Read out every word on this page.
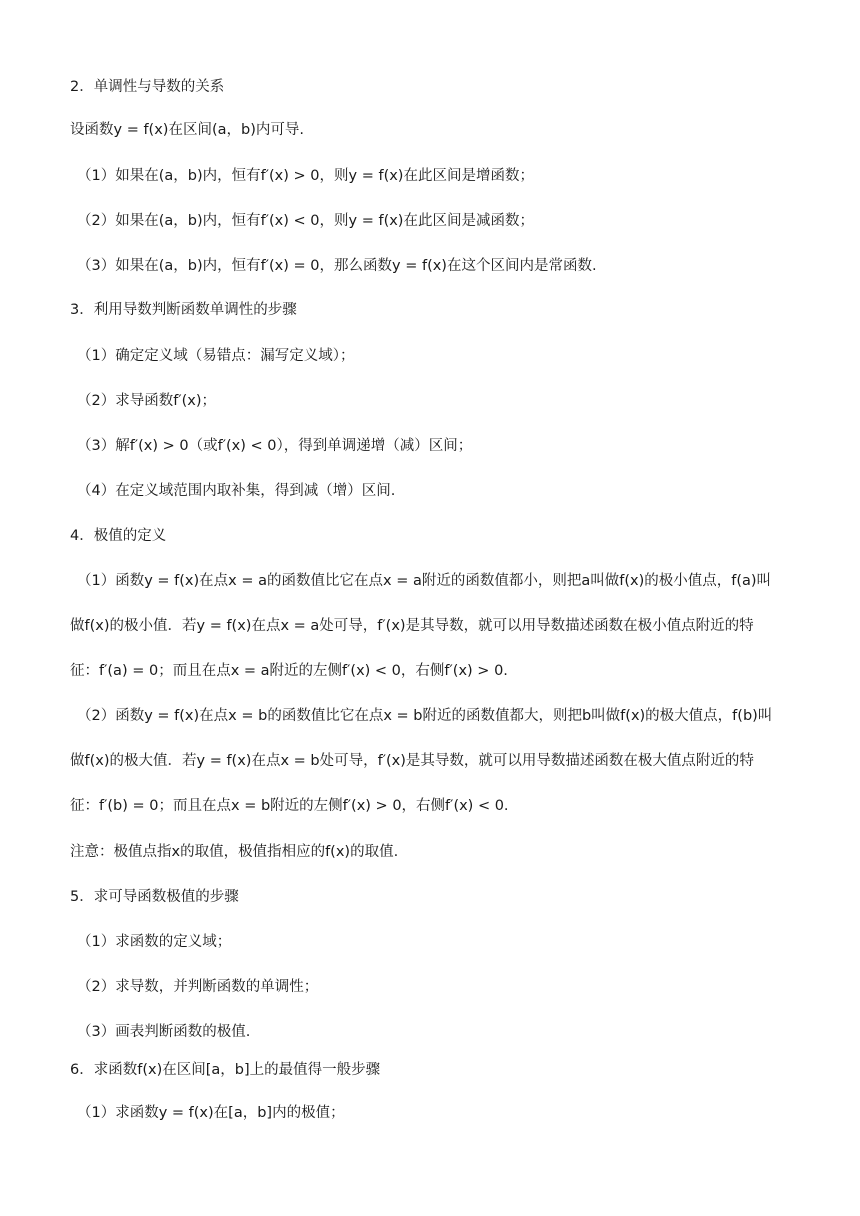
2．单调性与导数的关系
设函数y = f(x)在区间(a，b)内可导.
（1）如果在(a，b)内，恒有f′(x) > 0，则y = f(x)在此区间是增函数；
（2）如果在(a，b)内，恒有f′(x) < 0，则y = f(x)在此区间是减函数；
（3）如果在(a，b)内，恒有f′(x) = 0，那么函数y = f(x)在这个区间内是常函数.
3．利用导数判断函数单调性的步骤
（1）确定定义域（易错点：漏写定义域）；
（2）求导函数f′(x)；
（3）解f′(x) > 0（或f′(x) < 0），得到单调递增（减）区间；
（4）在定义域范围内取补集，得到减（增）区间.
4．极值的定义
（1）函数y = f(x)在点x = a的函数值比它在点x = a附近的函数值都小，则把a叫做f(x)的极小值点，f(a)叫
做f(x)的极小值．若y = f(x)在点x = a处可导，f′(x)是其导数，就可以用导数描述函数在极小值点附近的特
征：f′(a) = 0；而且在点x = a附近的左侧f′(x) < 0，右侧f′(x) > 0.
（2）函数y = f(x)在点x = b的函数值比它在点x = b附近的函数值都大，则把b叫做f(x)的极大值点，f(b)叫
做f(x)的极大值．若y = f(x)在点x = b处可导，f′(x)是其导数，就可以用导数描述函数在极大值点附近的特
征：f′(b) = 0；而且在点x = b附近的左侧f′(x) > 0，右侧f′(x) < 0.
注意：极值点指x的取值，极值指相应的f(x)的取值.
5．求可导函数极值的步骤
（1）求函数的定义域；
（2）求导数，并判断函数的单调性；
（3）画表判断函数的极值.
6．求函数f(x)在区间[a，b]上的最值得一般步骤
（1）求函数y = f(x)在[a，b]内的极值；
